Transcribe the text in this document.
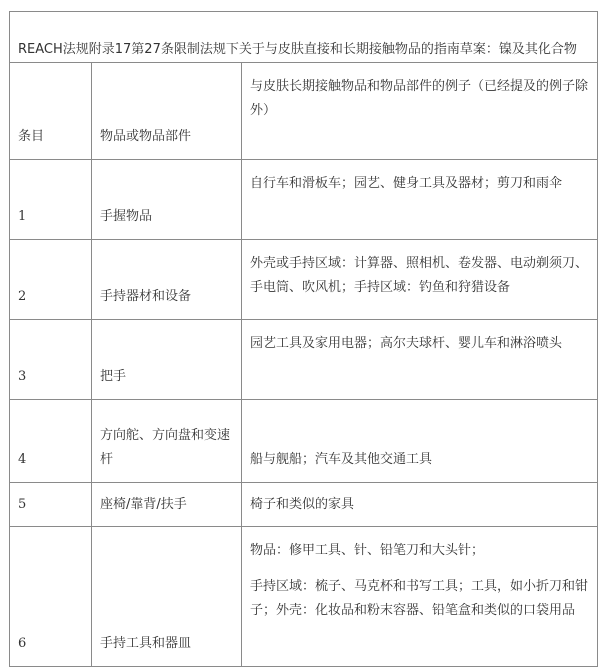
REACH法规附录17第27条限制法规下关于与皮肤直接和长期接触物品的指南草案：镍及其化合物		
条目	物品或物品部件	与皮肤长期接触物品和物品部件的例子（已经提及的例子除外）
1	手握物品	自行车和滑板车；园艺、健身工具及器材；剪刀和雨伞

2	手持器材和设备	外壳或手持区域：计算器、照相机、卷发器、电动剃须刀、手电筒、吹风机；手持区域：钓鱼和狩猎设备

3	把手	园艺工具及家用电器；高尔夫球杆、婴儿车和淋浴喷头

4	方向舵、方向盘和变速杆	船与舰船；汽车及其他交通工具

5	座椅/靠背/扶手	椅子和类似的家具

6	手持工具和器皿	物品：修甲工具、针、铅笔刀和大头针；
手持区域：梳子、马克杯和书写工具；工具，如小折刀和钳子；外壳：化妆品和粉末容器、铅笔盒和类似的口袋用品
